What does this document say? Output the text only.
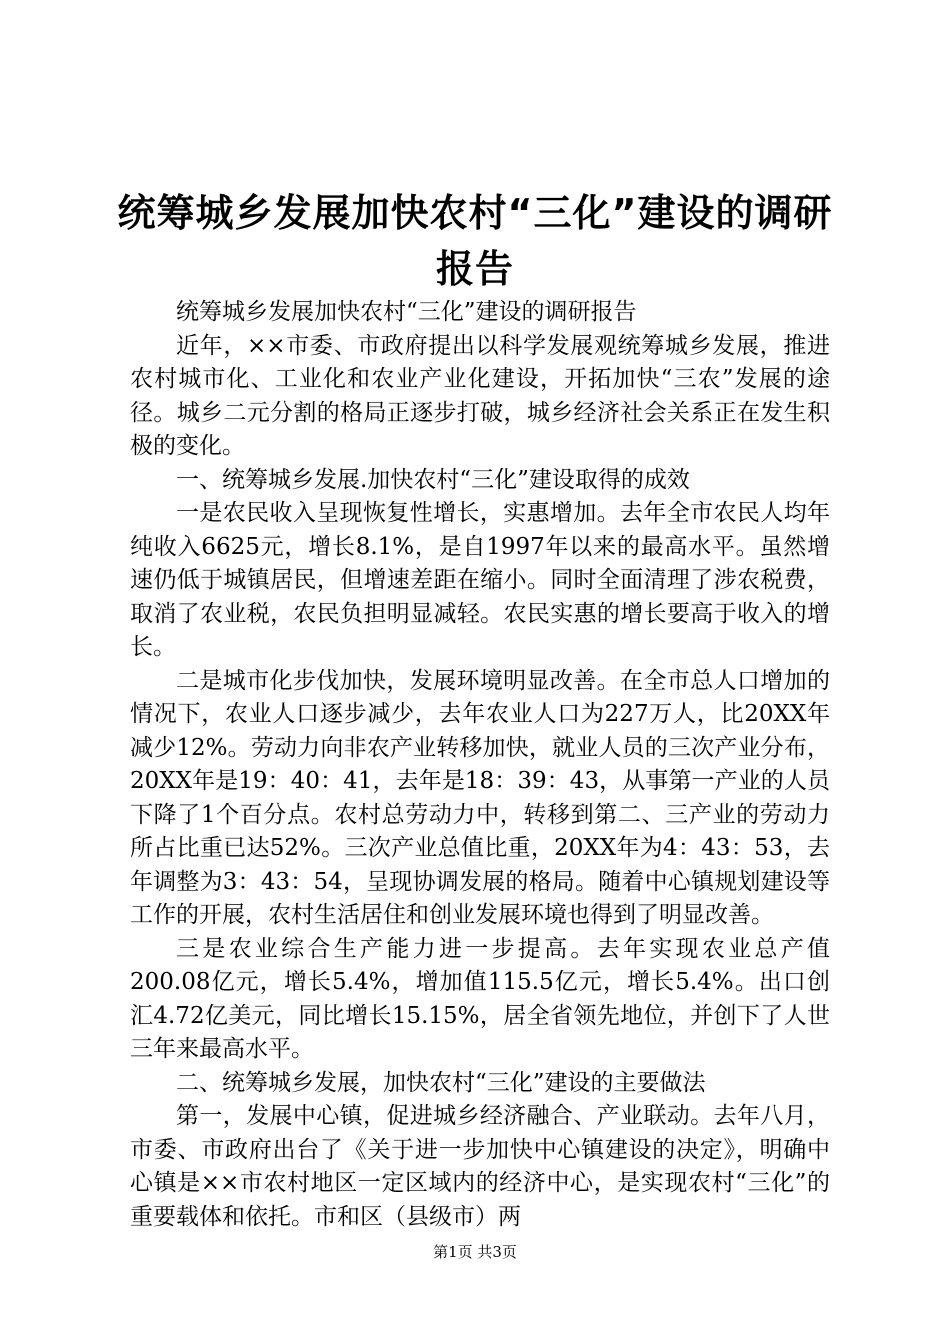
统筹城乡发展加快农村“三化”建设的调研报告

统筹城乡发展加快农村“三化”建设的调研报告

近年，××市委、市政府提出以科学发展观统筹城乡发展，推进农村城市化、工业化和农业产业化建设，开拓加快“三农”发展的途径。城乡二元分割的格局正逐步打破，城乡经济社会关系正在发生积极的变化。

一、统筹城乡发展.加快农村“三化”建设取得的成效

一是农民收入呈现恢复性增长，实惠增加。去年全市农民人均年纯收入6625元，增长8.1%，是自1997年以来的最高水平。虽然增速仍低于城镇居民，但增速差距在缩小。同时全面清理了涉农税费，取消了农业税，农民负担明显减轻。农民实惠的增长要高于收入的增长。

二是城市化步伐加快，发展环境明显改善。在全市总人口增加的情况下，农业人口逐步减少，去年农业人口为227万人，比20XX年减少12%。劳动力向非农产业转移加快，就业人员的三次产业分布，20XX年是19：40：41，去年是18：39：43，从事第一产业的人员下降了1个百分点。农村总劳动力中，转移到第二、三产业的劳动力所占比重已达52%。三次产业总值比重，20XX年为4：43：53，去年调整为3：43：54，呈现协调发展的格局。随着中心镇规划建设等工作的开展，农村生活居住和创业发展环境也得到了明显改善。

三是农业综合生产能力进一步提高。去年实现农业总产值200.08亿元，增长5.4%，增加值115.5亿元，增长5.4%。出口创汇4.72亿美元，同比增长15.15%，居全省领先地位，并创下了人世三年来最高水平。

二、统筹城乡发展，加快农村“三化”建设的主要做法

第一，发展中心镇，促进城乡经济融合、产业联动。去年八月，市委、市政府出台了《关于进一步加快中心镇建设的决定》，明确中心镇是××市农村地区一定区域内的经济中心，是实现农村“三化”的重要载体和依托。市和区（县级市）两

第1页 共3页
